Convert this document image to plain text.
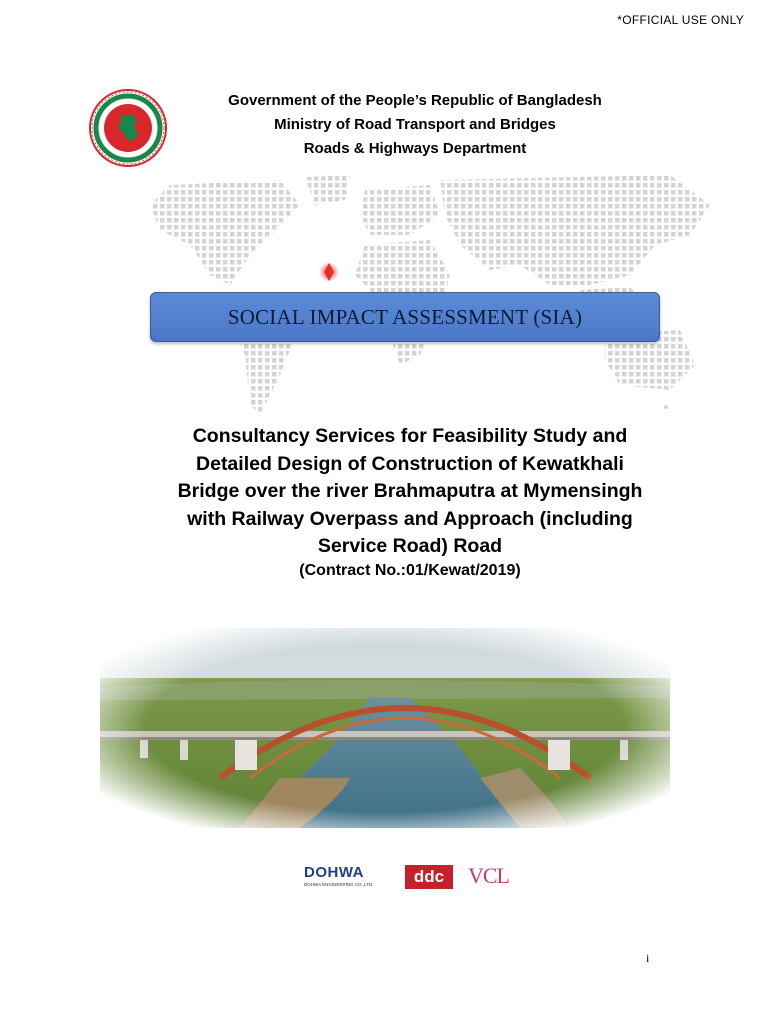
*OFFICIAL USE ONLY
Government of the People’s Republic of Bangladesh
Ministry of Road Transport and Bridges
Roads & Highways Department
SOCIAL IMPACT ASSESSMENT (SIA)
Consultancy Services for Feasibility Study and
Detailed Design of Construction of Kewatkhali
Bridge over the river Brahmaputra at Mymensingh
with Railway Overpass and Approach (including
Service Road) Road
(Contract No.:01/Kewat/2019)
DOHWA
DOHWA ENGINEERING CO.,LTD.	ddc	VCL
i
